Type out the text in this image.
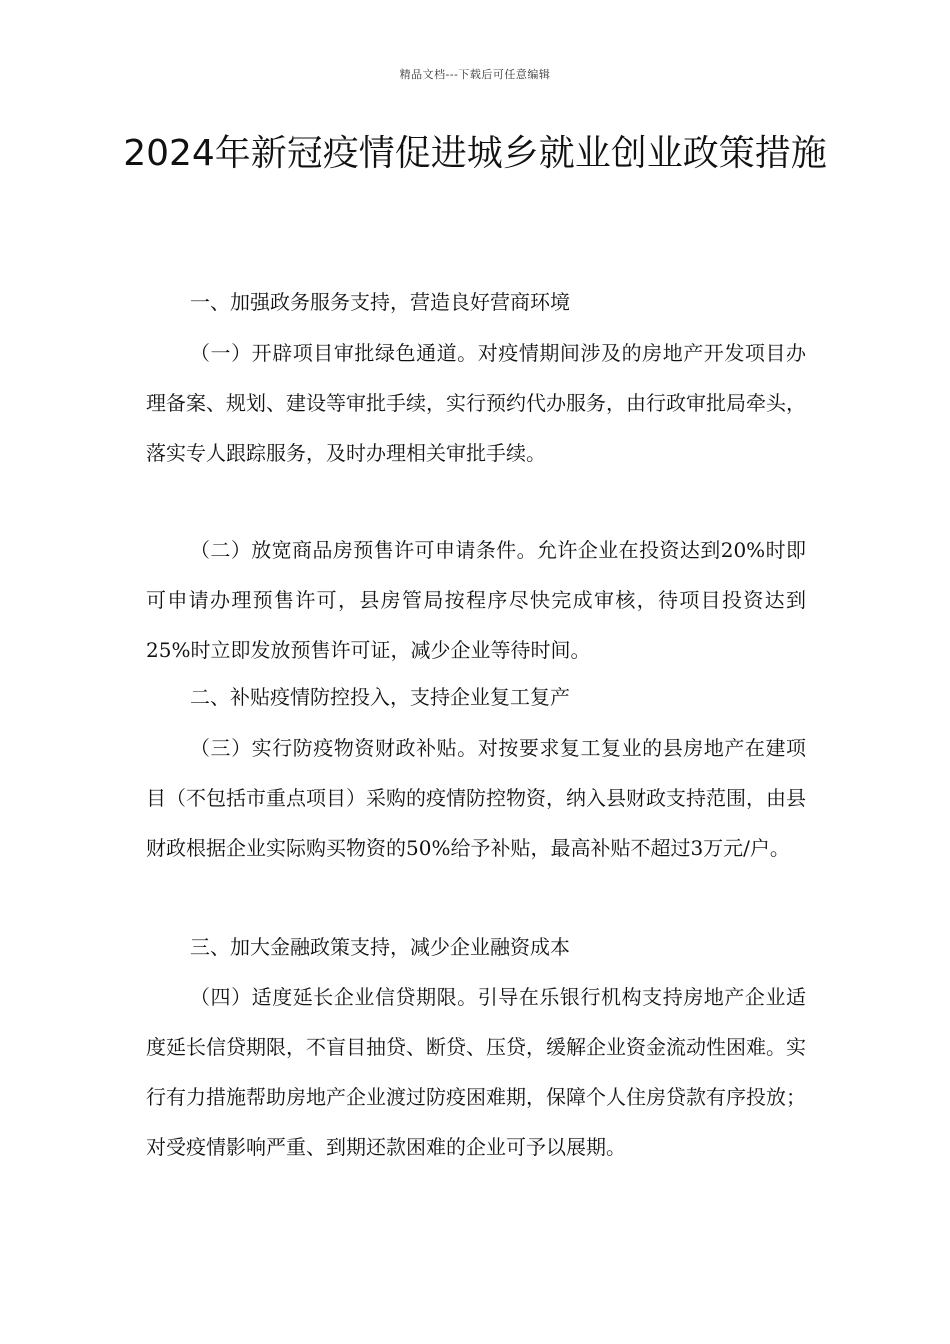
精品文档---下载后可任意编辑
2024年新冠疫情促进城乡就业创业政策措施

一、加强政务服务支持，营造良好营商环境

（一）开辟项目审批绿色通道。对疫情期间涉及的房地产开发项目办理备案、规划、建设等审批手续，实行预约代办服务，由行政审批局牵头，落实专人跟踪服务，及时办理相关审批手续。

（二）放宽商品房预售许可申请条件。允许企业在投资达到20%时即可申请办理预售许可，县房管局按程序尽快完成审核，待项目投资达到25%时立即发放预售许可证，减少企业等待时间。

二、补贴疫情防控投入，支持企业复工复产

（三）实行防疫物资财政补贴。对按要求复工复业的县房地产在建项目（不包括市重点项目）采购的疫情防控物资，纳入县财政支持范围，由县财政根据企业实际购买物资的50%给予补贴，最高补贴不超过3万元/户。

三、加大金融政策支持，减少企业融资成本

（四）适度延长企业信贷期限。引导在乐银行机构支持房地产企业适度延长信贷期限，不盲目抽贷、断贷、压贷，缓解企业资金流动性困难。实行有力措施帮助房地产企业渡过防疫困难期，保障个人住房贷款有序投放；对受疫情影响严重、到期还款困难的企业可予以展期。
